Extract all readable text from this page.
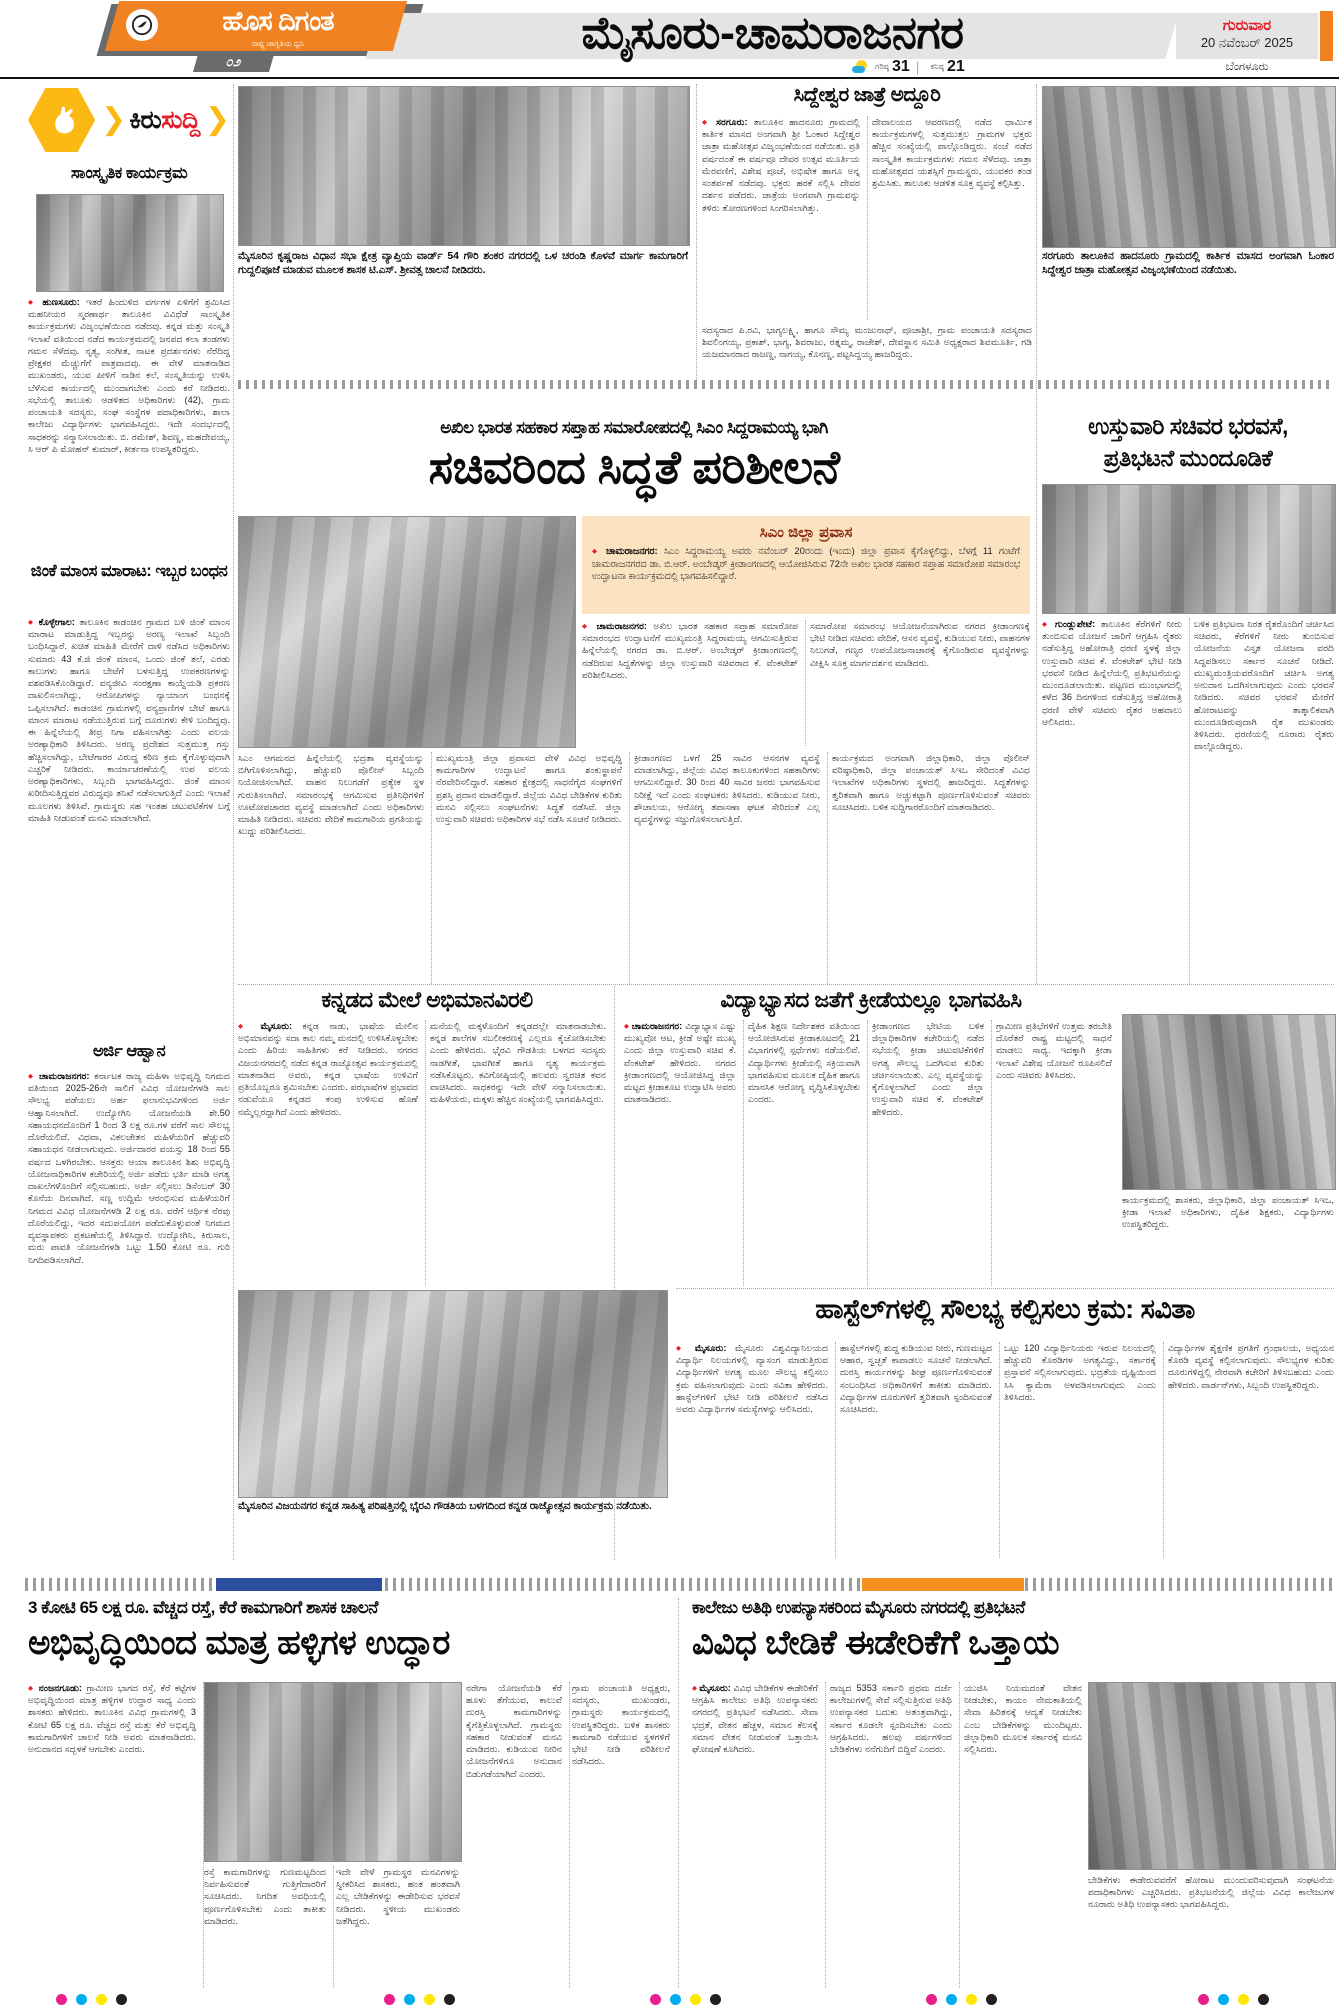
ಹೊಸ ದಿಗಂತ
ರಾಷ್ಟ್ರ ಜಾಗೃತಿಯ ಧ್ವನಿ
೦೨
ಮೈಸೂರು-ಚಾಮರಾಜನಗರ
ಗರಿಷ್ಠ 31 | ಕನಿಷ್ಠ 21
ಗುರುವಾರ
20 ನವೆಂಬರ್ 2025
ಬೆಂಗಳೂರು
❯ ಕಿರುಸುದ್ದಿ ❯
ಸಾಂಸ್ಕೃತಿಕ ಕಾರ್ಯಕ್ರಮ
◆ ಹುಣಸೂರು: ಇತರೆ ಹಿಂದುಳಿದ ವರ್ಗಗಳ ಏಳಿಗೆಗೆ ಶ್ರಮಿಸಿದ ಮಹನೀಯರ ಸ್ಮರಣಾರ್ಥ ತಾಲೂಕಿನ ವಿವಿಧೆಡೆ ಸಾಂಸ್ಕೃತಿಕ ಕಾರ್ಯಕ್ರಮಗಳು ವಿಜೃಂಭಣೆಯಿಂದ ನಡೆದವು. ಕನ್ನಡ ಮತ್ತು ಸಂಸ್ಕೃತಿ ಇಲಾಖೆ ವತಿಯಿಂದ ನಡೆದ ಕಾರ್ಯಕ್ರಮದಲ್ಲಿ ಜನಪದ ಕಲಾ ತಂಡಗಳು ಗಮನ ಸೆಳೆದವು. ನೃತ್ಯ, ಸಂಗೀತ, ನಾಟಕ ಪ್ರದರ್ಶನಗಳು ನೆರೆದಿದ್ದ ಪ್ರೇಕ್ಷಕರ ಮೆಚ್ಚುಗೆಗೆ ಪಾತ್ರವಾದವು. ಈ ವೇಳೆ ಮಾತನಾಡಿದ ಮುಖಂಡರು, ಯುವ ಪೀಳಿಗೆ ನಾಡಿನ ಕಲೆ, ಸಂಸ್ಕೃತಿಯನ್ನು ಉಳಿಸಿ ಬೆಳೆಸುವ ಕಾರ್ಯದಲ್ಲಿ ಮುಂದಾಗಬೇಕು ಎಂದು ಕರೆ ನೀಡಿದರು. ಸಭೆಯಲ್ಲಿ ತಾಲೂಕು ಆಡಳಿತದ ಅಧಿಕಾರಿಗಳು (42), ಗ್ರಾಮ ಪಂಚಾಯತಿ ಸದಸ್ಯರು, ಸಂಘ ಸಂಸ್ಥೆಗಳ ಪದಾಧಿಕಾರಿಗಳು, ಶಾಲಾ ಕಾಲೇಜು ವಿದ್ಯಾರ್ಥಿಗಳು ಭಾಗವಹಿಸಿದ್ದರು. ಇದೇ ಸಂದರ್ಭದಲ್ಲಿ ಸಾಧಕರನ್ನು ಸನ್ಮಾನಿಸಲಾಯಿತು. ಬಿ. ರಮೇಶ್, ಶಿವಣ್ಣ, ಮಹದೇವಯ್ಯ, ಸಿ ಆರ್ ಪಿ ಮೋಹನ್ ಕುಮಾರ್, ಕೀರ್ತನಾ ಉಪಸ್ಥಿತರಿದ್ದರು.
ಜಿಂಕೆ ಮಾಂಸ ಮಾರಾಟ: ಇಬ್ಬರ ಬಂಧನ
◆ ಕೊಳ್ಳೇಗಾಲ: ತಾಲೂಕಿನ ಕಾಡಂಚಿನ ಗ್ರಾಮದ ಬಳಿ ಜಿಂಕೆ ಮಾಂಸ ಮಾರಾಟ ಮಾಡುತ್ತಿದ್ದ ಇಬ್ಬರನ್ನು ಅರಣ್ಯ ಇಲಾಖೆ ಸಿಬ್ಬಂದಿ ಬಂಧಿಸಿದ್ದಾರೆ. ಖಚಿತ ಮಾಹಿತಿ ಮೇರೆಗೆ ದಾಳಿ ನಡೆಸಿದ ಅಧಿಕಾರಿಗಳು ಸುಮಾರು 43 ಕೆ.ಜಿ ಜಿಂಕೆ ಮಾಂಸ, ಒಂದು ಜಿಂಕೆ ತಲೆ, ಎರಡು ಕಾಲುಗಳು ಹಾಗೂ ಬೇಟೆಗೆ ಬಳಸುತ್ತಿದ್ದ ಉಪಕರಣಗಳನ್ನು ವಶಪಡಿಸಿಕೊಂಡಿದ್ದಾರೆ. ವನ್ಯಜೀವಿ ಸಂರಕ್ಷಣಾ ಕಾಯ್ದೆಯಡಿ ಪ್ರಕರಣ ದಾಖಲಿಸಲಾಗಿದ್ದು, ಆರೋಪಿಗಳನ್ನು ನ್ಯಾಯಾಂಗ ಬಂಧನಕ್ಕೆ ಒಪ್ಪಿಸಲಾಗಿದೆ. ಕಾಡಂಚಿನ ಗ್ರಾಮಗಳಲ್ಲಿ ವನ್ಯಪ್ರಾಣಿಗಳ ಬೇಟೆ ಹಾಗೂ ಮಾಂಸ ಮಾರಾಟ ನಡೆಯುತ್ತಿರುವ ಬಗ್ಗೆ ದೂರುಗಳು ಕೇಳಿ ಬಂದಿದ್ದವು. ಈ ಹಿನ್ನೆಲೆಯಲ್ಲಿ ತೀವ್ರ ನಿಗಾ ವಹಿಸಲಾಗಿತ್ತು ಎಂದು ವಲಯ ಅರಣ್ಯಾಧಿಕಾರಿ ತಿಳಿಸಿದರು. ಅರಣ್ಯ ಪ್ರದೇಶದ ಸುತ್ತಮುತ್ತ ಗಸ್ತು ಹೆಚ್ಚಿಸಲಾಗಿದ್ದು, ಬೇಟೆಗಾರರ ವಿರುದ್ಧ ಕಠಿಣ ಕ್ರಮ ಕೈಗೊಳ್ಳುವುದಾಗಿ ಎಚ್ಚರಿಕೆ ನೀಡಿದರು. ಕಾರ್ಯಾಚರಣೆಯಲ್ಲಿ ಉಪ ವಲಯ ಅರಣ್ಯಾಧಿಕಾರಿಗಳು, ಸಿಬ್ಬಂದಿ ಭಾಗವಹಿಸಿದ್ದರು. ಜಿಂಕೆ ಮಾಂಸ ಖರೀದಿಸುತ್ತಿದ್ದವರ ವಿರುದ್ಧವೂ ತನಿಖೆ ನಡೆಸಲಾಗುತ್ತಿದೆ ಎಂದು ಇಲಾಖೆ ಮೂಲಗಳು ತಿಳಿಸಿವೆ. ಗ್ರಾಮಸ್ಥರು ಸಹ ಇಂತಹ ಚಟುವಟಿಕೆಗಳ ಬಗ್ಗೆ ಮಾಹಿತಿ ನೀಡುವಂತೆ ಮನವಿ ಮಾಡಲಾಗಿದೆ.
ಅರ್ಜಿ ಆಹ್ವಾನ
◆ ಚಾಮರಾಜನಗರ: ಕರ್ನಾಟಕ ರಾಜ್ಯ ಮಹಿಳಾ ಅಭಿವೃದ್ಧಿ ನಿಗಮದ ವತಿಯಿಂದ 2025-26ನೇ ಸಾಲಿಗೆ ವಿವಿಧ ಯೋಜನೆಗಳಡಿ ಸಾಲ ಸೌಲಭ್ಯ ಪಡೆಯಲು ಅರ್ಹ ಫಲಾನುಭವಿಗಳಿಂದ ಅರ್ಜಿ ಆಹ್ವಾನಿಸಲಾಗಿದೆ. ಉದ್ಯೋಗಿನಿ ಯೋಜನೆಯಡಿ ಶೇ.50 ಸಹಾಯಧನದೊಂದಿಗೆ 1 ರಿಂದ 3 ಲಕ್ಷ ರೂ.ಗಳ ವರೆಗೆ ಸಾಲ ಸೌಲಭ್ಯ ದೊರೆಯಲಿದೆ. ವಿಧವಾ, ವಿಕಲಚೇತನ ಮಹಿಳೆಯರಿಗೆ ಹೆಚ್ಚುವರಿ ಸಹಾಯಧನ ನೀಡಲಾಗುವುದು. ಅರ್ಜಿದಾರರ ವಯಸ್ಸು 18 ರಿಂದ 55 ವರ್ಷದ ಒಳಗಿರಬೇಕು. ಆಸಕ್ತರು ಆಯಾ ತಾಲೂಕಿನ ಶಿಶು ಅಭಿವೃದ್ಧಿ ಯೋಜನಾಧಿಕಾರಿಗಳ ಕಚೇರಿಯಲ್ಲಿ ಅರ್ಜಿ ಪಡೆದು ಭರ್ತಿ ಮಾಡಿ ಅಗತ್ಯ ದಾಖಲೆಗಳೊಂದಿಗೆ ಸಲ್ಲಿಸಬಹುದು. ಅರ್ಜಿ ಸಲ್ಲಿಸಲು ಡಿಸೆಂಬರ್ 30 ಕೊನೆಯ ದಿನವಾಗಿದೆ. ಸಣ್ಣ ಉದ್ದಿಮೆ ಆರಂಭಿಸುವ ಮಹಿಳೆಯರಿಗೆ ನಿಗಮದ ವಿವಿಧ ಯೋಜನೆಗಳಡಿ 2 ಲಕ್ಷ ರೂ. ವರೆಗೆ ಆರ್ಥಿಕ ನೆರವು ದೊರೆಯಲಿದ್ದು, ಇದರ ಸದುಪಯೋಗ ಪಡೆದುಕೊಳ್ಳುವಂತೆ ನಿಗಮದ ವ್ಯವಸ್ಥಾಪಕರು ಪ್ರಕಟಣೆಯಲ್ಲಿ ತಿಳಿಸಿದ್ದಾರೆ. ಉದ್ಯೋಗಿನಿ, ಕಿರುಸಾಲ, ಮರು ಪಾವತಿ ಯೋಜನೆಗಳಡಿ ಒಟ್ಟು 1.50 ಕೋಟಿ ರೂ. ಗುರಿ ನಿಗದಿಪಡಿಸಲಾಗಿದೆ.
ಮೈಸೂರಿನ ಕೃಷ್ಣರಾಜ ವಿಧಾನ ಸಭಾ ಕ್ಷೇತ್ರ ವ್ಯಾಪ್ತಿಯ ವಾರ್ಡ್ 54 ಗೌರಿ ಶಂಕರ ನಗರದಲ್ಲಿ ಒಳ ಚರಂಡಿ ಕೊಳವೆ ಮಾರ್ಗ ಕಾಮಗಾರಿಗೆ ಗುದ್ದಲಿಪೂಜೆ ಮಾಡುವ ಮೂಲಕ ಶಾಸಕ ಟಿ.ಎಸ್. ಶ್ರೀವತ್ಸ ಚಾಲನೆ ನೀಡಿದರು.
ಸಿದ್ದೇಶ್ವರ ಜಾತ್ರೆ ಅದ್ದೂರಿ
◆ ಸರಗೂರು: ತಾಲೂಕಿನ ಹಾದನೂರು ಗ್ರಾಮದಲ್ಲಿ ಕಾರ್ತಿಕ ಮಾಸದ ಅಂಗವಾಗಿ ಶ್ರೀ ಓಂಕಾರ ಸಿದ್ದೇಶ್ವರ ಜಾತ್ರಾ ಮಹೋತ್ಸವ ವಿಜೃಂಭಣೆಯಿಂದ ನಡೆಯಿತು. ಪ್ರತಿ ವರ್ಷದಂತೆ ಈ ವರ್ಷವೂ ದೇವರ ಉತ್ಸವ ಮೂರ್ತಿಯ ಮೆರವಣಿಗೆ, ವಿಶೇಷ ಪೂಜೆ, ಅಭಿಷೇಕ ಹಾಗೂ ಅನ್ನ ಸಂತರ್ಪಣೆ ನಡೆದವು. ಭಕ್ತರು ಹರಕೆ ಸಲ್ಲಿಸಿ ದೇವರ ದರ್ಶನ ಪಡೆದರು. ಜಾತ್ರೆಯ ಅಂಗವಾಗಿ ಗ್ರಾಮವನ್ನು ತಳಿರು ತೋರಣಗಳಿಂದ ಸಿಂಗರಿಸಲಾಗಿತ್ತು.
ದೇವಾಲಯದ ಆವರಣದಲ್ಲಿ ನಡೆದ ಧಾರ್ಮಿಕ ಕಾರ್ಯಕ್ರಮಗಳಲ್ಲಿ ಸುತ್ತಮುತ್ತಲ ಗ್ರಾಮಗಳ ಭಕ್ತರು ಹೆಚ್ಚಿನ ಸಂಖ್ಯೆಯಲ್ಲಿ ಪಾಲ್ಗೊಂಡಿದ್ದರು. ಸಂಜೆ ನಡೆದ ಸಾಂಸ್ಕೃತಿಕ ಕಾರ್ಯಕ್ರಮಗಳು ಗಮನ ಸೆಳೆದವು. ಜಾತ್ರಾ ಮಹೋತ್ಸವದ ಯಶಸ್ಸಿಗೆ ಗ್ರಾಮಸ್ಥರು, ಯುವಕರ ತಂಡ ಶ್ರಮಿಸಿತು. ತಾಲೂಕು ಆಡಳಿತ ಸೂಕ್ತ ವ್ಯವಸ್ಥೆ ಕಲ್ಪಿಸಿತ್ತು.
ಸದಸ್ಯರಾದ ಪಿ.ರವಿ, ಭಾಗ್ಯಲಕ್ಷ್ಮಿ, ಹಾಗೂ ಸೌಮ್ಯ ಮಂಜುನಾಥ್, ಪೂಜಾಶ್ರೀ, ಗ್ರಾಮ ಪಂಚಾಯತಿ ಸದಸ್ಯರಾದ ಶಿವಲಿಂಗಯ್ಯ, ಪ್ರಕಾಶ್, ಭಾಗ್ಯ, ಶಿವರಾಜು, ರತ್ನಮ್ಮ, ರಾಜೇಶ್, ದೇವಸ್ಥಾನ ಸಮಿತಿ ಅಧ್ಯಕ್ಷರಾದ ಶಿವಮೂರ್ತಿ, ಗಡಿ ಯಜಮಾನರಾದ ರಾಜಣ್ಣ, ನಾಗಯ್ಯ, ಕೊನಣ್ಣ, ಪಟ್ಟಸಿದ್ದಯ್ಯ ಹಾಜರಿದ್ದರು.
ಸರಗೂರು ತಾಲೂಕಿನ ಹಾದನೂರು ಗ್ರಾಮದಲ್ಲಿ ಕಾರ್ತಿಕ ಮಾಸದ ಅಂಗವಾಗಿ ಓಂಕಾರ ಸಿದ್ದೇಶ್ವರ ಜಾತ್ರಾ ಮಹೋತ್ಸವ ವಿಜೃಂಭಣೆಯಿಂದ ನಡೆಯಿತು.
ಅಖಿಲ ಭಾರತ ಸಹಕಾರ ಸಪ್ತಾಹ ಸಮಾರೋಪದಲ್ಲಿ ಸಿಎಂ ಸಿದ್ದರಾಮಯ್ಯ ಭಾಗಿ
ಸಚಿವರಿಂದ ಸಿದ್ಧತೆ ಪರಿಶೀಲನೆ
ಸಿಎಂ ಜಿಲ್ಲಾ ಪ್ರವಾಸ
◆ ಚಾಮರಾಜನಗರ: ಸಿಎಂ ಸಿದ್ದರಾಮಯ್ಯ ಅವರು ನವೆಂಬರ್ 20ರಂದು (ಇಂದು) ಜಿಲ್ಲಾ ಪ್ರವಾಸ ಕೈಗೊಳ್ಳಲಿದ್ದು, ಬೆಳಗ್ಗೆ 11 ಗಂಟೆಗೆ ಚಾಮರಾಜನಗರದ ಡಾ. ಬಿ.ಆರ್. ಅಂಬೇಡ್ಕರ್ ಕ್ರೀಡಾಂಗಣದಲ್ಲಿ ಆಯೋಜಿಸಿರುವ 72ನೇ ಅಖಿಲ ಭಾರತ ಸಹಕಾರ ಸಪ್ತಾಹ ಸಮಾರೋಪ ಸಮಾರಂಭ ಉದ್ಘಾಟನಾ ಕಾರ್ಯಕ್ರಮದಲ್ಲಿ ಭಾಗವಹಿಸಲಿದ್ದಾರೆ.
◆ ಚಾಮರಾಜನಗರ: ಅಖಿಲ ಭಾರತ ಸಹಕಾರ ಸಪ್ತಾಹ ಸಮಾರೋಪ ಸಮಾರಂಭದ ಉದ್ಘಾಟನೆಗೆ ಮುಖ್ಯಮಂತ್ರಿ ಸಿದ್ದರಾಮಯ್ಯ ಆಗಮಿಸುತ್ತಿರುವ ಹಿನ್ನೆಲೆಯಲ್ಲಿ ನಗರದ ಡಾ. ಬಿ.ಆರ್. ಅಂಬೇಡ್ಕರ್ ಕ್ರೀಡಾಂಗಣದಲ್ಲಿ ನಡೆದಿರುವ ಸಿದ್ಧತೆಗಳನ್ನು ಜಿಲ್ಲಾ ಉಸ್ತುವಾರಿ ಸಚಿವರಾದ ಕೆ. ವೆಂಕಟೇಶ್ ಪರಿಶೀಲಿಸಿದರು.
ಸಮಾರೋಪ ಸಮಾರಂಭ ಆಯೋಜನೆಯಾಗಿರುವ ನಗರದ ಕ್ರೀಡಾಂಗಣಕ್ಕೆ ಭೇಟಿ ನೀಡಿದ ಸಚಿವರು ವೇದಿಕೆ, ಆಸನ ವ್ಯವಸ್ಥೆ, ಕುಡಿಯುವ ನೀರು, ವಾಹನಗಳ ನಿಲುಗಡೆ, ಗಣ್ಯರ ಉಪಯೋಜನಾಚಾರಕ್ಕೆ ಕೈಗೊಂಡಿರುವ ವ್ಯವಸ್ಥೆಗಳನ್ನು ವೀಕ್ಷಿಸಿ ಸೂಕ್ತ ಮಾರ್ಗದರ್ಶನ ಮಾಡಿದರು.
ಸಿಎಂ ಆಗಮನದ ಹಿನ್ನೆಲೆಯಲ್ಲಿ ಭದ್ರತಾ ವ್ಯವಸ್ಥೆಯನ್ನು ಬಿಗಿಗೊಳಿಸಲಾಗಿದ್ದು, ಹೆಚ್ಚುವರಿ ಪೊಲೀಸ್ ಸಿಬ್ಬಂದಿ ನಿಯೋಜಿಸಲಾಗಿದೆ. ವಾಹನ ನಿಲುಗಡೆಗೆ ಪ್ರತ್ಯೇಕ ಸ್ಥಳ ಗುರುತಿಸಲಾಗಿದೆ. ಸಮಾರಂಭಕ್ಕೆ ಆಗಮಿಸುವ ಪ್ರತಿನಿಧಿಗಳಿಗೆ ಊಟೋಪಚಾರದ ವ್ಯವಸ್ಥೆ ಮಾಡಲಾಗಿದೆ ಎಂದು ಅಧಿಕಾರಿಗಳು ಮಾಹಿತಿ ನೀಡಿದರು. ಸಚಿವರು ವೇದಿಕೆ ಕಾಮಗಾರಿಯ ಪ್ರಗತಿಯನ್ನು ಖುದ್ದು ಪರಿಶೀಲಿಸಿದರು.
ಮುಖ್ಯಮಂತ್ರಿ ಜಿಲ್ಲಾ ಪ್ರವಾಸದ ವೇಳೆ ವಿವಿಧ ಅಭಿವೃದ್ಧಿ ಕಾಮಗಾರಿಗಳ ಉದ್ಘಾಟನೆ ಹಾಗೂ ಶಂಕುಸ್ಥಾಪನೆ ನೆರವೇರಿಸಲಿದ್ದಾರೆ. ಸಹಕಾರ ಕ್ಷೇತ್ರದಲ್ಲಿ ಸಾಧನೆಗೈದ ಸಂಘಗಳಿಗೆ ಪ್ರಶಸ್ತಿ ಪ್ರದಾನ ಮಾಡಲಿದ್ದಾರೆ. ಜಿಲ್ಲೆಯ ವಿವಿಧ ಬೇಡಿಕೆಗಳ ಕುರಿತು ಮನವಿ ಸಲ್ಲಿಸಲು ಸಂಘಟನೆಗಳು ಸಿದ್ಧತೆ ನಡೆಸಿವೆ. ಜಿಲ್ಲಾ ಉಸ್ತುವಾರಿ ಸಚಿವರು ಅಧಿಕಾರಿಗಳ ಸಭೆ ನಡೆಸಿ ಸೂಚನೆ ನೀಡಿದರು.
ಕ್ರೀಡಾಂಗಣದ ಒಳಗೆ 25 ಸಾವಿರ ಆಸನಗಳ ವ್ಯವಸ್ಥೆ ಮಾಡಲಾಗಿದ್ದು, ಜಿಲ್ಲೆಯ ವಿವಿಧ ತಾಲೂಕುಗಳಿಂದ ಸಹಕಾರಿಗಳು ಆಗಮಿಸಲಿದ್ದಾರೆ. 30 ರಿಂದ 40 ಸಾವಿರ ಜನರು ಭಾಗವಹಿಸುವ ನಿರೀಕ್ಷೆ ಇದೆ ಎಂದು ಸಂಘಟಕರು ತಿಳಿಸಿದರು. ಕುಡಿಯುವ ನೀರು, ಶೌಚಾಲಯ, ಆರೋಗ್ಯ ತಪಾಸಣಾ ಘಟಕ ಸೇರಿದಂತೆ ಎಲ್ಲ ವ್ಯವಸ್ಥೆಗಳನ್ನು ಸಜ್ಜುಗೊಳಿಸಲಾಗುತ್ತಿದೆ.
ಕಾರ್ಯಕ್ರಮದ ಅಂಗವಾಗಿ ಜಿಲ್ಲಾಧಿಕಾರಿ, ಜಿಲ್ಲಾ ಪೊಲೀಸ್ ವರಿಷ್ಠಾಧಿಕಾರಿ, ಜಿಲ್ಲಾ ಪಂಚಾಯತ್ ಸಿಇಒ ಸೇರಿದಂತೆ ವಿವಿಧ ಇಲಾಖೆಗಳ ಅಧಿಕಾರಿಗಳು ಸ್ಥಳದಲ್ಲಿ ಹಾಜರಿದ್ದರು. ಸಿದ್ಧತೆಗಳನ್ನು ತ್ವರಿತವಾಗಿ ಹಾಗೂ ಅಚ್ಚುಕಟ್ಟಾಗಿ ಪೂರ್ಣಗೊಳಿಸುವಂತೆ ಸಚಿವರು ಸೂಚಿಸಿದರು. ಬಳಿಕ ಸುದ್ದಿಗಾರರೊಂದಿಗೆ ಮಾತನಾಡಿದರು.
ಉಸ್ತುವಾರಿ ಸಚಿವರ ಭರವಸೆ,
ಪ್ರತಿಭಟನೆ ಮುಂದೂಡಿಕೆ
◆ ಗುಂಡ್ಲುಪೇಟೆ: ತಾಲೂಕಿನ ಕೆರೆಗಳಿಗೆ ನೀರು ತುಂಬಿಸುವ ಯೋಜನೆ ಜಾರಿಗೆ ಆಗ್ರಹಿಸಿ ರೈತರು ನಡೆಸುತ್ತಿದ್ದ ಅಹೋರಾತ್ರಿ ಧರಣಿ ಸ್ಥಳಕ್ಕೆ ಜಿಲ್ಲಾ ಉಸ್ತುವಾರಿ ಸಚಿವ ಕೆ. ವೆಂಕಟೇಶ್ ಭೇಟಿ ನೀಡಿ ಭರವಸೆ ನೀಡಿದ ಹಿನ್ನೆಲೆಯಲ್ಲಿ ಪ್ರತಿಭಟನೆಯನ್ನು ಮುಂದೂಡಲಾಯಿತು. ಪಟ್ಟಣದ ಮುಂಭಾಗದಲ್ಲಿ ಕಳೆದ 36 ದಿನಗಳಿಂದ ನಡೆಸುತ್ತಿದ್ದ ಅಹೋರಾತ್ರಿ ಧರಣಿ ವೇಳೆ ಸಚಿವರು ರೈತರ ಅಹವಾಲು ಆಲಿಸಿದರು.
ಬಳಿಕ ಪ್ರತಿಭಟನಾ ನಿರತ ರೈತರೊಂದಿಗೆ ಚರ್ಚಿಸಿದ ಸಚಿವರು, ಕೆರೆಗಳಿಗೆ ನೀರು ತುಂಬಿಸುವ ಯೋಜನೆಯ ವಿಸ್ತೃತ ಯೋಜನಾ ವರದಿ ಸಿದ್ಧಪಡಿಸಲು ಸರ್ಕಾರ ಸೂಚನೆ ನೀಡಿದೆ. ಮುಖ್ಯಮಂತ್ರಿಯವರೊಂದಿಗೆ ಚರ್ಚಿಸಿ ಅಗತ್ಯ ಅನುದಾನ ಒದಗಿಸಲಾಗುವುದು ಎಂದು ಭರವಸೆ ನೀಡಿದರು. ಸಚಿವರ ಭರವಸೆ ಮೇರೆಗೆ ಹೋರಾಟವನ್ನು ತಾತ್ಕಾಲಿಕವಾಗಿ ಮುಂದೂಡಿರುವುದಾಗಿ ರೈತ ಮುಖಂಡರು ತಿಳಿಸಿದರು. ಧರಣಿಯಲ್ಲಿ ನೂರಾರು ರೈತರು ಪಾಲ್ಗೊಂಡಿದ್ದರು.
ಕನ್ನಡದ ಮೇಲೆ ಅಭಿಮಾನವಿರಲಿ
◆ ಮೈಸೂರು: ಕನ್ನಡ ನಾಡು, ಭಾಷೆಯ ಮೇಲಿನ ಅಭಿಮಾನವನ್ನು ಸದಾ ಕಾಲ ನಮ್ಮ ಮನದಲ್ಲಿ ಉಳಿಸಿಕೊಳ್ಳಬೇಕು ಎಂದು ಹಿರಿಯ ಸಾಹಿತಿಗಳು ಕರೆ ನೀಡಿದರು. ನಗರದ ವಿಜಯನಗರದಲ್ಲಿ ನಡೆದ ಕನ್ನಡ ರಾಜ್ಯೋತ್ಸವ ಕಾರ್ಯಕ್ರಮದಲ್ಲಿ ಮಾತನಾಡಿದ ಅವರು, ಕನ್ನಡ ಭಾಷೆಯ ಉಳಿವಿಗೆ ಪ್ರತಿಯೊಬ್ಬರೂ ಶ್ರಮಿಸಬೇಕು ಎಂದರು. ಪರಭಾಷೆಗಳ ಪ್ರಭಾವದ ನಡುವೆಯೂ ಕನ್ನಡದ ಕಂಪು ಉಳಿಸುವ ಹೊಣೆ ನಮ್ಮೆಲ್ಲರದ್ದಾಗಿದೆ ಎಂದು ಹೇಳಿದರು.
ಮನೆಯಲ್ಲಿ ಮಕ್ಕಳೊಂದಿಗೆ ಕನ್ನಡದಲ್ಲೇ ಮಾತನಾಡಬೇಕು. ಕನ್ನಡ ಶಾಲೆಗಳ ಸಬಲೀಕರಣಕ್ಕೆ ಎಲ್ಲರೂ ಕೈಜೋಡಿಸಬೇಕು ಎಂದು ಹೇಳಿದರು. ಭೈರವಿ ಗೌಡತಿಯ ಬಳಗದ ಸದಸ್ಯರು ನಾಡಗೀತೆ, ಭಾವಗೀತೆ ಹಾಗೂ ನೃತ್ಯ ಕಾರ್ಯಕ್ರಮ ನಡೆಸಿಕೊಟ್ಟರು. ಕವಿಗೋಷ್ಠಿಯಲ್ಲಿ ಹಲವರು ಸ್ವರಚಿತ ಕವನ ವಾಚಿಸಿದರು. ಸಾಧಕರನ್ನು ಇದೇ ವೇಳೆ ಸನ್ಮಾನಿಸಲಾಯಿತು. ಮಹಿಳೆಯರು, ಮಕ್ಕಳು ಹೆಚ್ಚಿನ ಸಂಖ್ಯೆಯಲ್ಲಿ ಭಾಗವಹಿಸಿದ್ದರು.
ವಿದ್ಯಾಭ್ಯಾಸದ ಜತೆಗೆ ಕ್ರೀಡೆಯಲ್ಲೂ ಭಾಗವಹಿಸಿ
◆ ಚಾಮರಾಜನಗರ: ವಿದ್ಯಾಭ್ಯಾಸ ಎಷ್ಟು ಮುಖ್ಯವೋ ಆಟ, ಕ್ರೀಡೆ ಅಷ್ಟೇ ಮುಖ್ಯ ಎಂದು ಜಿಲ್ಲಾ ಉಸ್ತುವಾರಿ ಸಚಿವ ಕೆ. ವೆಂಕಟೇಶ್ ಹೇಳಿದರು. ನಗರದ ಕ್ರೀಡಾಂಗಣದಲ್ಲಿ ಆಯೋಜಿಸಿದ್ದ ಜಿಲ್ಲಾ ಮಟ್ಟದ ಕ್ರೀಡಾಕೂಟ ಉದ್ಘಾಟಿಸಿ ಅವರು ಮಾತನಾಡಿದರು.
ದೈಹಿಕ ಶಿಕ್ಷಣ ನಿರ್ದೇಶಕರ ವತಿಯಿಂದ ಆಯೋಜಿಸಿರುವ ಕ್ರೀಡಾಕೂಟದಲ್ಲಿ 21 ವಿಭಾಗಗಳಲ್ಲಿ ಸ್ಪರ್ಧೆಗಳು ನಡೆಯಲಿವೆ. ವಿದ್ಯಾರ್ಥಿಗಳು ಕ್ರೀಡೆಯಲ್ಲಿ ಸಕ್ರಿಯವಾಗಿ ಭಾಗವಹಿಸುವ ಮೂಲಕ ದೈಹಿಕ ಹಾಗೂ ಮಾನಸಿಕ ಆರೋಗ್ಯ ವೃದ್ಧಿಸಿಕೊಳ್ಳಬೇಕು ಎಂದರು.
ಕ್ರೀಡಾಂಗಣದ ಭೇಟಿಯ ಬಳಿಕ ಜಿಲ್ಲಾಧಿಕಾರಿಗಳ ಕಚೇರಿಯಲ್ಲಿ ನಡೆದ ಸಭೆಯಲ್ಲಿ ಕ್ರೀಡಾ ಚಟುವಟಿಕೆಗಳಿಗೆ ಅಗತ್ಯ ಸೌಲಭ್ಯ ಒದಗಿಸುವ ಕುರಿತು ಚರ್ಚಿಸಲಾಯಿತು. ಎಲ್ಲ ವ್ಯವಸ್ಥೆಯನ್ನು ಕೈಗೊಳ್ಳಲಾಗಿದೆ ಎಂದು ಜಿಲ್ಲಾ ಉಸ್ತುವಾರಿ ಸಚಿವ ಕೆ. ವೆಂಕಟೇಶ್ ಹೇಳಿದರು.
ಗ್ರಾಮೀಣ ಪ್ರತಿಭೆಗಳಿಗೆ ಉತ್ತಮ ತರಬೇತಿ ದೊರೆತರೆ ರಾಷ್ಟ್ರ ಮಟ್ಟದಲ್ಲಿ ಸಾಧನೆ ಮಾಡಲು ಸಾಧ್ಯ. ಇದಕ್ಕಾಗಿ ಕ್ರೀಡಾ ಇಲಾಖೆ ವಿಶೇಷ ಯೋಜನೆ ರೂಪಿಸಲಿದೆ ಎಂದು ಸಚಿವರು ತಿಳಿಸಿದರು.
ಕಾರ್ಯಕ್ರಮದಲ್ಲಿ ಶಾಸಕರು, ಜಿಲ್ಲಾಧಿಕಾರಿ, ಜಿಲ್ಲಾ ಪಂಚಾಯತ್ ಸಿಇಒ, ಕ್ರೀಡಾ ಇಲಾಖೆ ಅಧಿಕಾರಿಗಳು, ದೈಹಿಕ ಶಿಕ್ಷಕರು, ವಿದ್ಯಾರ್ಥಿಗಳು ಉಪಸ್ಥಿತರಿದ್ದರು.
ಮೈಸೂರಿನ ವಿಜಯನಗರ ಕನ್ನಡ ಸಾಹಿತ್ಯ ಪರಿಷತ್ತಿನಲ್ಲಿ ಭೈರವಿ ಗೌಡತಿಯ ಬಳಗದಿಂದ ಕನ್ನಡ ರಾಜ್ಯೋತ್ಸವ ಕಾರ್ಯಕ್ರಮ ನಡೆಯಿತು.
ಹಾಸ್ಟೆಲ್‌ಗಳಲ್ಲಿ ಸೌಲಭ್ಯ ಕಲ್ಪಿಸಲು ಕ್ರಮ: ಸವಿತಾ
◆ ಮೈಸೂರು: ಮೈಸೂರು ವಿಶ್ವವಿದ್ಯಾನಿಲಯದ ವಿದ್ಯಾರ್ಥಿ ನಿಲಯಗಳಲ್ಲಿ ವ್ಯಾಸಂಗ ಮಾಡುತ್ತಿರುವ ವಿದ್ಯಾರ್ಥಿಗಳಿಗೆ ಅಗತ್ಯ ಮೂಲ ಸೌಲಭ್ಯ ಕಲ್ಪಿಸಲು ಕ್ರಮ ವಹಿಸಲಾಗುವುದು ಎಂದು ಸವಿತಾ ಹೇಳಿದರು. ಹಾಸ್ಟೆಲ್‌ಗಳಿಗೆ ಭೇಟಿ ನೀಡಿ ಪರಿಶೀಲನೆ ನಡೆಸಿದ ಅವರು ವಿದ್ಯಾರ್ಥಿಗಳ ಸಮಸ್ಯೆಗಳನ್ನು ಆಲಿಸಿದರು.
ಹಾಸ್ಟೆಲ್‌ಗಳಲ್ಲಿ ಶುದ್ಧ ಕುಡಿಯುವ ನೀರು, ಗುಣಮಟ್ಟದ ಆಹಾರ, ಸ್ವಚ್ಛತೆ ಕಾಪಾಡಲು ಸೂಚನೆ ನೀಡಲಾಗಿದೆ. ದುರಸ್ತಿ ಕಾರ್ಯಗಳನ್ನು ಶೀಘ್ರ ಪೂರ್ಣಗೊಳಿಸುವಂತೆ ಸಂಬಂಧಿಸಿದ ಅಧಿಕಾರಿಗಳಿಗೆ ತಾಕೀತು ಮಾಡಿದರು. ವಿದ್ಯಾರ್ಥಿಗಳ ದೂರುಗಳಿಗೆ ತ್ವರಿತವಾಗಿ ಸ್ಪಂದಿಸುವಂತೆ ಸೂಚಿಸಿದರು.
ಒಟ್ಟು 120 ವಿದ್ಯಾರ್ಥಿನಿಯರು ಇರುವ ನಿಲಯದಲ್ಲಿ ಹೆಚ್ಚುವರಿ ಕೊಠಡಿಗಳ ಅಗತ್ಯವಿದ್ದು, ಸರ್ಕಾರಕ್ಕೆ ಪ್ರಸ್ತಾವನೆ ಸಲ್ಲಿಸಲಾಗುವುದು. ಭದ್ರತೆಯ ದೃಷ್ಟಿಯಿಂದ ಸಿಸಿ ಕ್ಯಾಮೆರಾ ಅಳವಡಿಸಲಾಗುವುದು ಎಂದು ತಿಳಿಸಿದರು.
ವಿದ್ಯಾರ್ಥಿಗಳ ಶೈಕ್ಷಣಿಕ ಪ್ರಗತಿಗೆ ಗ್ರಂಥಾಲಯ, ಅಧ್ಯಯನ ಕೊಠಡಿ ವ್ಯವಸ್ಥೆ ಕಲ್ಪಿಸಲಾಗುವುದು. ಸೌಲಭ್ಯಗಳ ಕುರಿತು ದೂರುಗಳಿದ್ದಲ್ಲಿ ನೇರವಾಗಿ ಕಚೇರಿಗೆ ತಿಳಿಸಬಹುದು ಎಂದು ಹೇಳಿದರು. ವಾರ್ಡನ್‌ಗಳು, ಸಿಬ್ಬಂದಿ ಉಪಸ್ಥಿತರಿದ್ದರು.
3 ಕೋಟಿ 65 ಲಕ್ಷ ರೂ. ವೆಚ್ಚದ ರಸ್ತೆ, ಕೆರೆ ಕಾಮಗಾರಿಗೆ ಶಾಸಕ ಚಾಲನೆ
ಅಭಿವೃದ್ಧಿಯಿಂದ ಮಾತ್ರ ಹಳ್ಳಿಗಳ ಉದ್ಧಾರ
◆ ನಂಜನಗೂಡು: ಗ್ರಾಮೀಣ ಭಾಗದ ರಸ್ತೆ, ಕೆರೆ ಕಟ್ಟೆಗಳ ಅಭಿವೃದ್ಧಿಯಿಂದ ಮಾತ್ರ ಹಳ್ಳಿಗಳ ಉದ್ಧಾರ ಸಾಧ್ಯ ಎಂದು ಶಾಸಕರು ಹೇಳಿದರು. ತಾಲೂಕಿನ ವಿವಿಧ ಗ್ರಾಮಗಳಲ್ಲಿ 3 ಕೋಟಿ 65 ಲಕ್ಷ ರೂ. ವೆಚ್ಚದ ರಸ್ತೆ ಮತ್ತು ಕೆರೆ ಅಭಿವೃದ್ಧಿ ಕಾಮಗಾರಿಗಳಿಗೆ ಚಾಲನೆ ನೀಡಿ ಅವರು ಮಾತನಾಡಿದರು. ಅನುದಾನದ ಸದ್ಬಳಕೆ ಆಗಬೇಕು ಎಂದರು.
ನರೇಗಾ ಯೋಜನೆಯಡಿ ಕೆರೆ ಹೂಳು ತೆಗೆಯುವ, ಕಾಲುವೆ ದುರಸ್ತಿ ಕಾಮಗಾರಿಗಳನ್ನು ಕೈಗೆತ್ತಿಕೊಳ್ಳಲಾಗಿದೆ. ಗ್ರಾಮಸ್ಥರು ಸಹಕಾರ ನೀಡುವಂತೆ ಮನವಿ ಮಾಡಿದರು. ಕುಡಿಯುವ ನೀರಿನ ಯೋಜನೆಗಳಿಗೂ ಅನುದಾನ ಬಿಡುಗಡೆಯಾಗಿದೆ ಎಂದರು.
ಗ್ರಾಮ ಪಂಚಾಯತಿ ಅಧ್ಯಕ್ಷರು, ಸದಸ್ಯರು, ಮುಖಂಡರು, ಗ್ರಾಮಸ್ಥರು ಕಾರ್ಯಕ್ರಮದಲ್ಲಿ ಉಪಸ್ಥಿತರಿದ್ದರು. ಬಳಿಕ ಶಾಸಕರು ಕಾಮಗಾರಿ ನಡೆಯುವ ಸ್ಥಳಗಳಿಗೆ ಭೇಟಿ ನೀಡಿ ಪರಿಶೀಲನೆ ನಡೆಸಿದರು.
ರಸ್ತೆ ಕಾಮಗಾರಿಗಳನ್ನು ಗುಣಮಟ್ಟದಿಂದ ನಿರ್ವಹಿಸುವಂತೆ ಗುತ್ತಿಗೆದಾರರಿಗೆ ಸೂಚಿಸಿದರು. ನಿಗದಿತ ಅವಧಿಯಲ್ಲಿ ಪೂರ್ಣಗೊಳಿಸಬೇಕು ಎಂದು ತಾಕೀತು ಮಾಡಿದರು.
ಇದೇ ವೇಳೆ ಗ್ರಾಮಸ್ಥರ ಮನವಿಗಳನ್ನು ಸ್ವೀಕರಿಸಿದ ಶಾಸಕರು, ಹಂತ ಹಂತವಾಗಿ ಎಲ್ಲ ಬೇಡಿಕೆಗಳನ್ನು ಈಡೇರಿಸುವ ಭರವಸೆ ನೀಡಿದರು. ಸ್ಥಳೀಯ ಮುಖಂಡರು ಜತೆಗಿದ್ದರು.
ಕಾಲೇಜು ಅತಿಥಿ ಉಪನ್ಯಾಸಕರಿಂದ ಮೈಸೂರು ನಗರದಲ್ಲಿ ಪ್ರತಿಭಟನೆ
ವಿವಿಧ ಬೇಡಿಕೆ ಈಡೇರಿಕೆಗೆ ಒತ್ತಾಯ
◆ ಮೈಸೂರು: ವಿವಿಧ ಬೇಡಿಕೆಗಳ ಈಡೇರಿಕೆಗೆ ಆಗ್ರಹಿಸಿ ಕಾಲೇಜು ಅತಿಥಿ ಉಪನ್ಯಾಸಕರು ನಗರದಲ್ಲಿ ಪ್ರತಿಭಟನೆ ನಡೆಸಿದರು. ಸೇವಾ ಭದ್ರತೆ, ವೇತನ ಹೆಚ್ಚಳ, ಸಮಾನ ಕೆಲಸಕ್ಕೆ ಸಮಾನ ವೇತನ ನೀಡುವಂತೆ ಒತ್ತಾಯಿಸಿ ಘೋಷಣೆ ಕೂಗಿದರು.
ರಾಜ್ಯದ 5353 ಸರ್ಕಾರಿ ಪ್ರಥಮ ದರ್ಜೆ ಕಾಲೇಜುಗಳಲ್ಲಿ ಸೇವೆ ಸಲ್ಲಿಸುತ್ತಿರುವ ಅತಿಥಿ ಉಪನ್ಯಾಸಕರ ಬದುಕು ಅತಂತ್ರವಾಗಿದ್ದು, ಸರ್ಕಾರ ಕೂಡಲೇ ಸ್ಪಂದಿಸಬೇಕು ಎಂದು ಆಗ್ರಹಿಸಿದರು. ಹಲವು ವರ್ಷಗಳಿಂದ ಬೇಡಿಕೆಗಳು ನನೆಗುದಿಗೆ ಬಿದ್ದಿವೆ ಎಂದರು.
ಯುಜಿಸಿ ನಿಯಮದಂತೆ ವೇತನ ನೀಡಬೇಕು, ಕಾಯಂ ನೇಮಕಾತಿಯಲ್ಲಿ ಸೇವಾ ಹಿರಿತನಕ್ಕೆ ಆದ್ಯತೆ ನೀಡಬೇಕು ಎಂಬ ಬೇಡಿಕೆಗಳನ್ನು ಮುಂದಿಟ್ಟರು. ಜಿಲ್ಲಾಧಿಕಾರಿ ಮೂಲಕ ಸರ್ಕಾರಕ್ಕೆ ಮನವಿ ಸಲ್ಲಿಸಿದರು.
ಬೇಡಿಕೆಗಳು ಈಡೇರುವವರೆಗೆ ಹೋರಾಟ ಮುಂದುವರಿಸುವುದಾಗಿ ಸಂಘಟನೆಯ ಪದಾಧಿಕಾರಿಗಳು ಎಚ್ಚರಿಸಿದರು. ಪ್ರತಿಭಟನೆಯಲ್ಲಿ ಜಿಲ್ಲೆಯ ವಿವಿಧ ಕಾಲೇಜುಗಳ ನೂರಾರು ಅತಿಥಿ ಉಪನ್ಯಾಸಕರು ಭಾಗವಹಿಸಿದ್ದರು.
